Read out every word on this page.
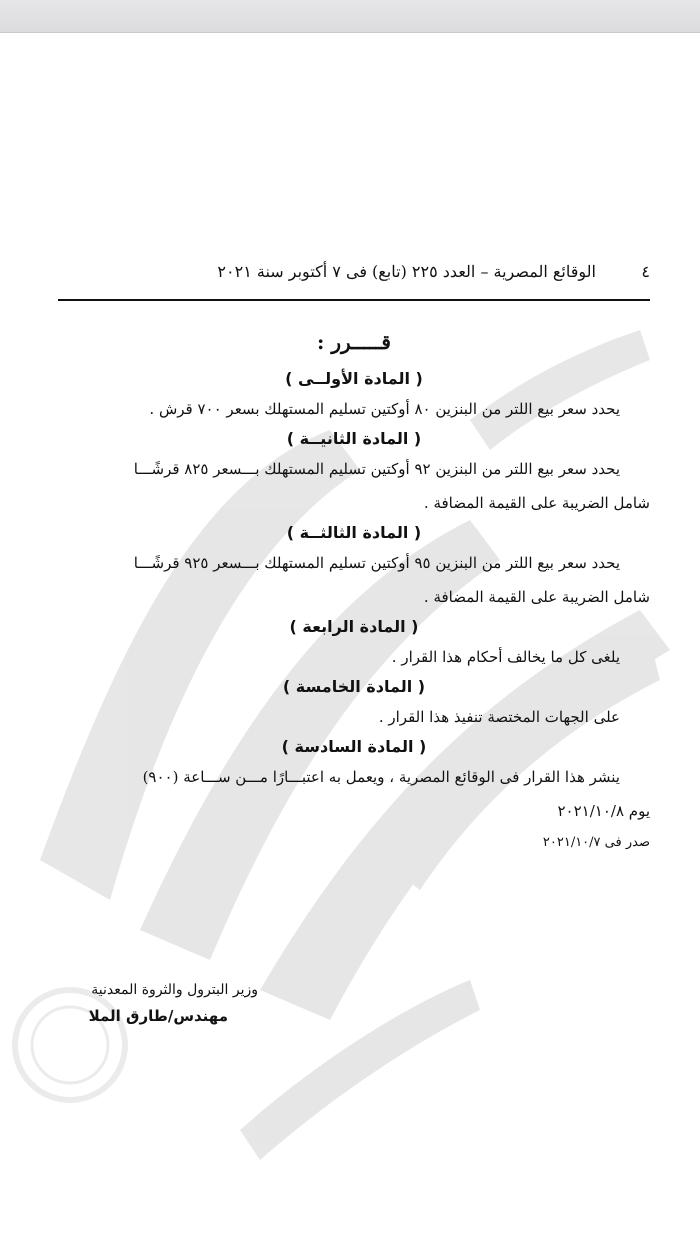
٤
الوقائع المصرية – العدد ٢٢٥ (تابع) فى ٧ أكتوبر سنة ٢٠٢١

قـــــرر :

( المادة الأولــى )

يحدد سعر بيع اللتر من البنزين ٨٠ أوكتين تسليم المستهلك بسعر ٧٠٠ قرش .

( المادة الثانيــة )

يحدد سعر بيع اللتر من البنزين ٩٢ أوكتين تسليم المستهلك بـــسعر ٨٢٥ قرشًـــا

شامل الضريبة على القيمة المضافة .

( المادة الثالثــة )

يحدد سعر بيع اللتر من البنزين ٩٥ أوكتين تسليم المستهلك بـــسعر ٩٢٥ قرشًـــا

شامل الضريبة على القيمة المضافة .

( المادة الرابعة )

يلغى كل ما يخالف أحكام هذا القرار .

( المادة الخامسة )

على الجهات المختصة تنفيذ هذا القرار .

( المادة السادسة )

ينشر هذا القرار فى الوقائع المصرية ، ويعمل به اعتبـــارًا مـــن ســـاعة (٩٠٠)

يوم ٢٠٢١/١٠/٨

صدر فى ٢٠٢١/١٠/٧

وزير البترول والثروة المعدنية

مهندس/طارق الملا
